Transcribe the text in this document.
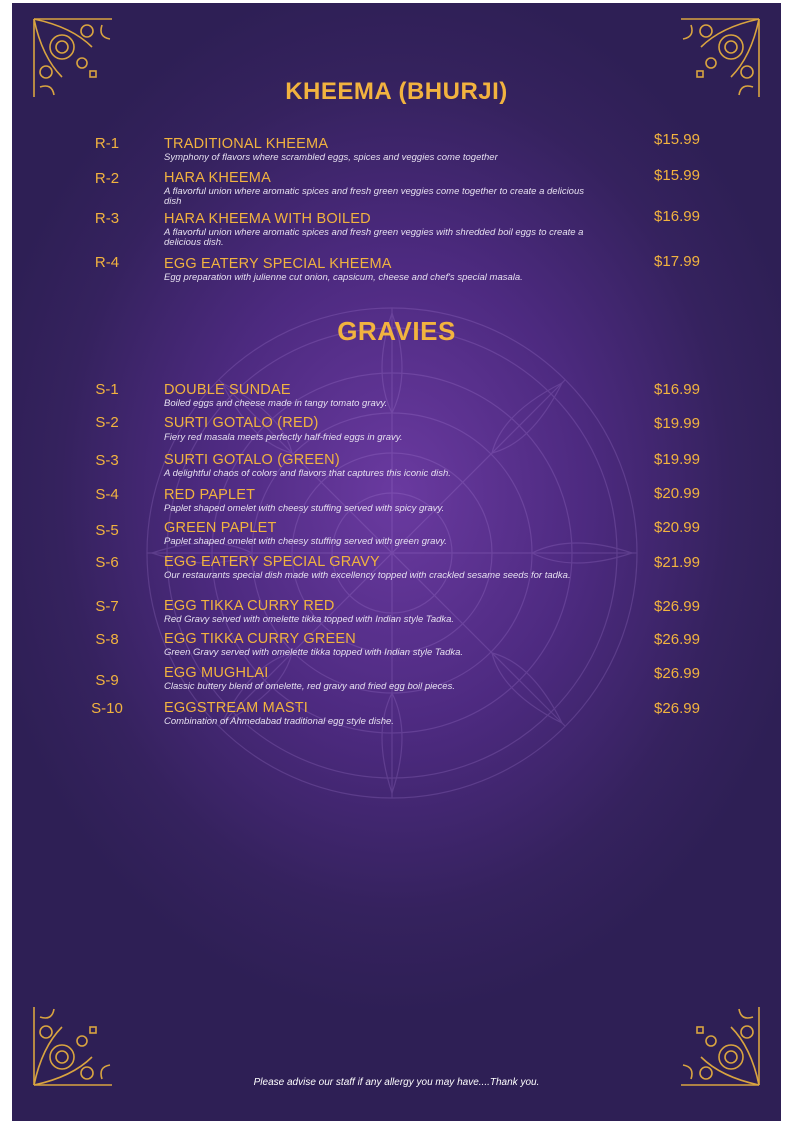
KHEEMA (BHURJI)
R-1	TRADITIONAL KHEEMA
Symphony of flavors where scrambled eggs, spices and veggies come together
$15.99
R-2	HARA KHEEMA
A flavorful union where aromatic spices and fresh green veggies come together to create a delicious dish
$15.99
R-3	HARA KHEEMA WITH BOILED
A flavorful union where aromatic spices and fresh green veggies with shredded boil eggs to create a delicious dish.
$16.99
R-4	EGG EATERY SPECIAL KHEEMA
Egg preparation with julienne cut onion, capsicum, cheese and chef's special masala.
$17.99
GRAVIES
S-1	DOUBLE SUNDAE
Boiled eggs and cheese made in tangy tomato gravy.
$16.99
S-2	SURTI GOTALO (RED)
Fiery red masala meets perfectly half-fried eggs in gravy.
$19.99
S-3	SURTI GOTALO (GREEN)
A delightful chaos of colors and flavors that captures this iconic dish.
$19.99
S-4	RED PAPLET
Paplet shaped omelet with cheesy stuffing served with spicy gravy.
$20.99
S-5	GREEN PAPLET
Paplet shaped omelet with cheesy stuffing served with green gravy.
$20.99
S-6	EGG EATERY SPECIAL GRAVY
Our restaurants special dish made with excellency topped with crackled sesame seeds for tadka.
$21.99
S-7	EGG TIKKA CURRY RED
Red Gravy served with omelette tikka topped with Indian style Tadka.
$26.99
S-8	EGG TIKKA CURRY GREEN
Green Gravy served with omelette tikka topped with Indian style Tadka.
$26.99
S-9	EGG MUGHLAI
Classic buttery blend of omelette, red gravy and fried egg boil pieces.
$26.99
S-10	EGGSTREAM MASTI
Combination of Ahmedabad traditional egg style dishe.
$26.99
Please advise our staff if any allergy you may have....Thank you.
